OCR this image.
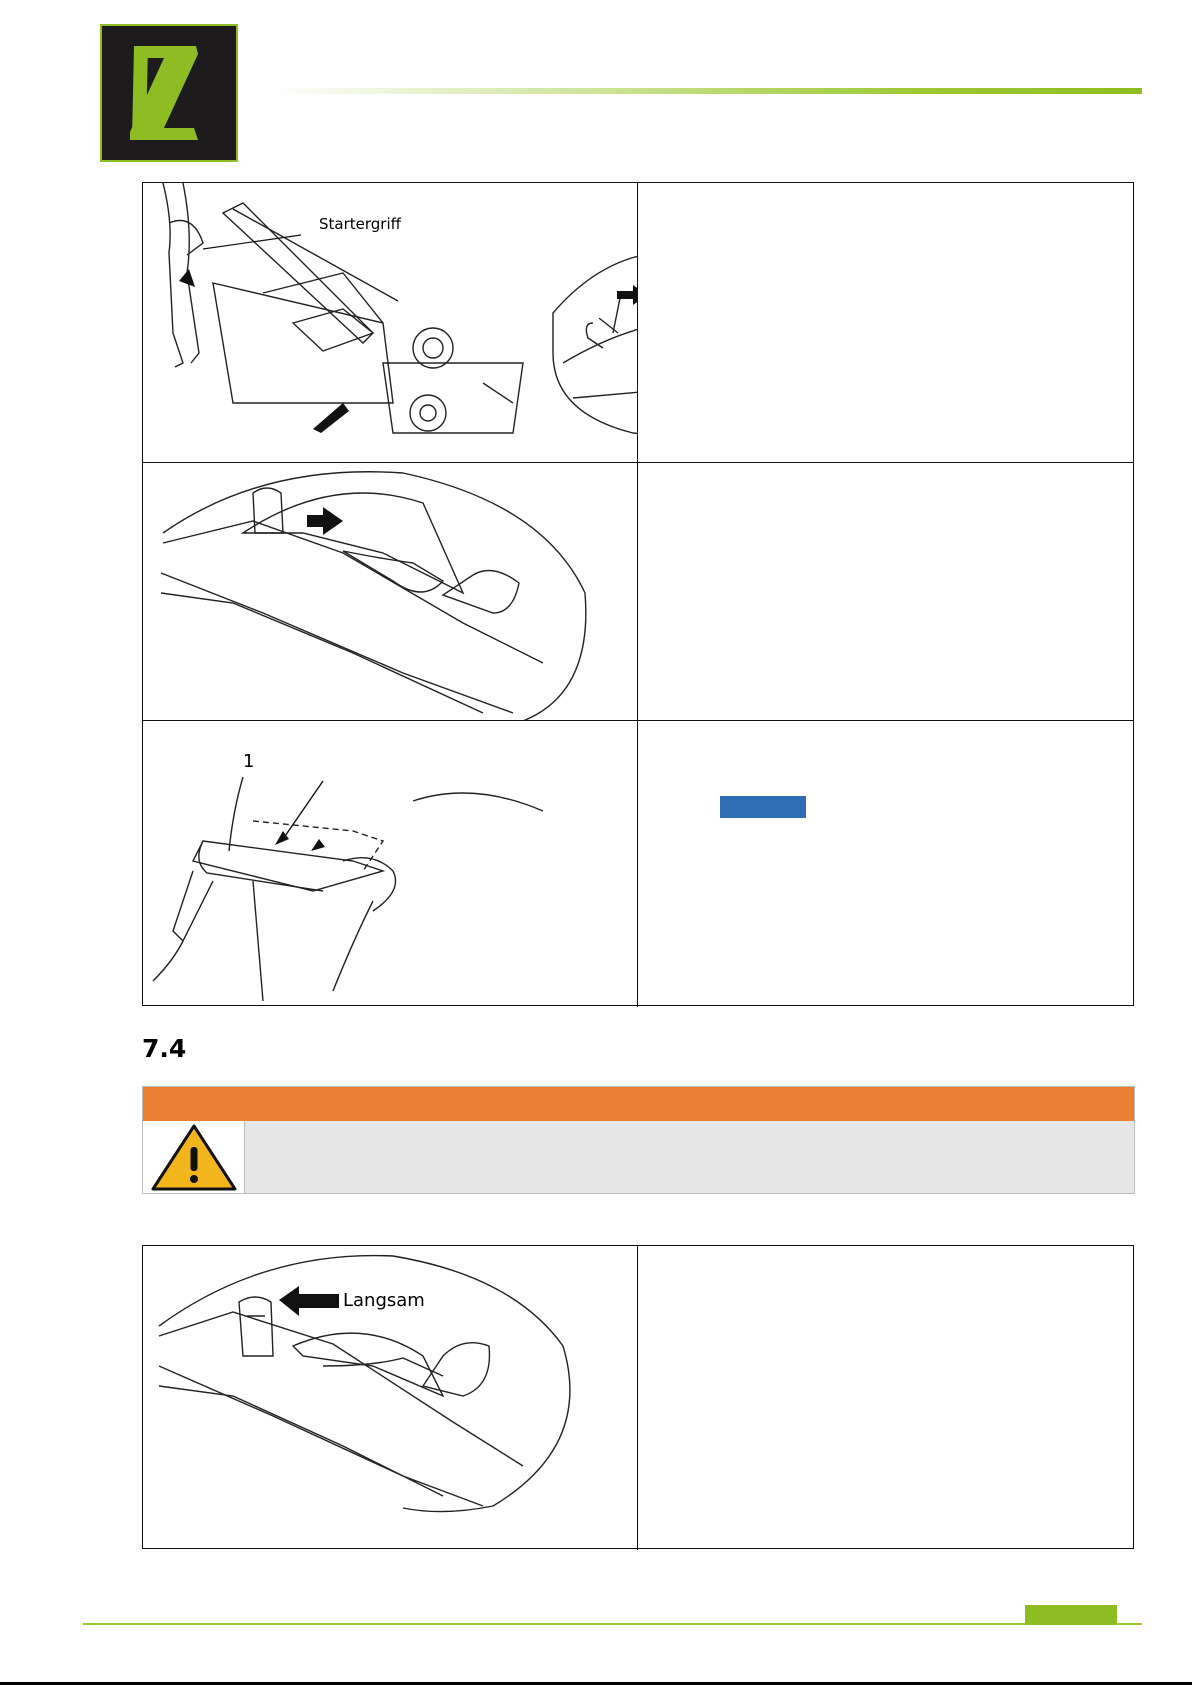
Startergriff
1
7.4
Langsam
